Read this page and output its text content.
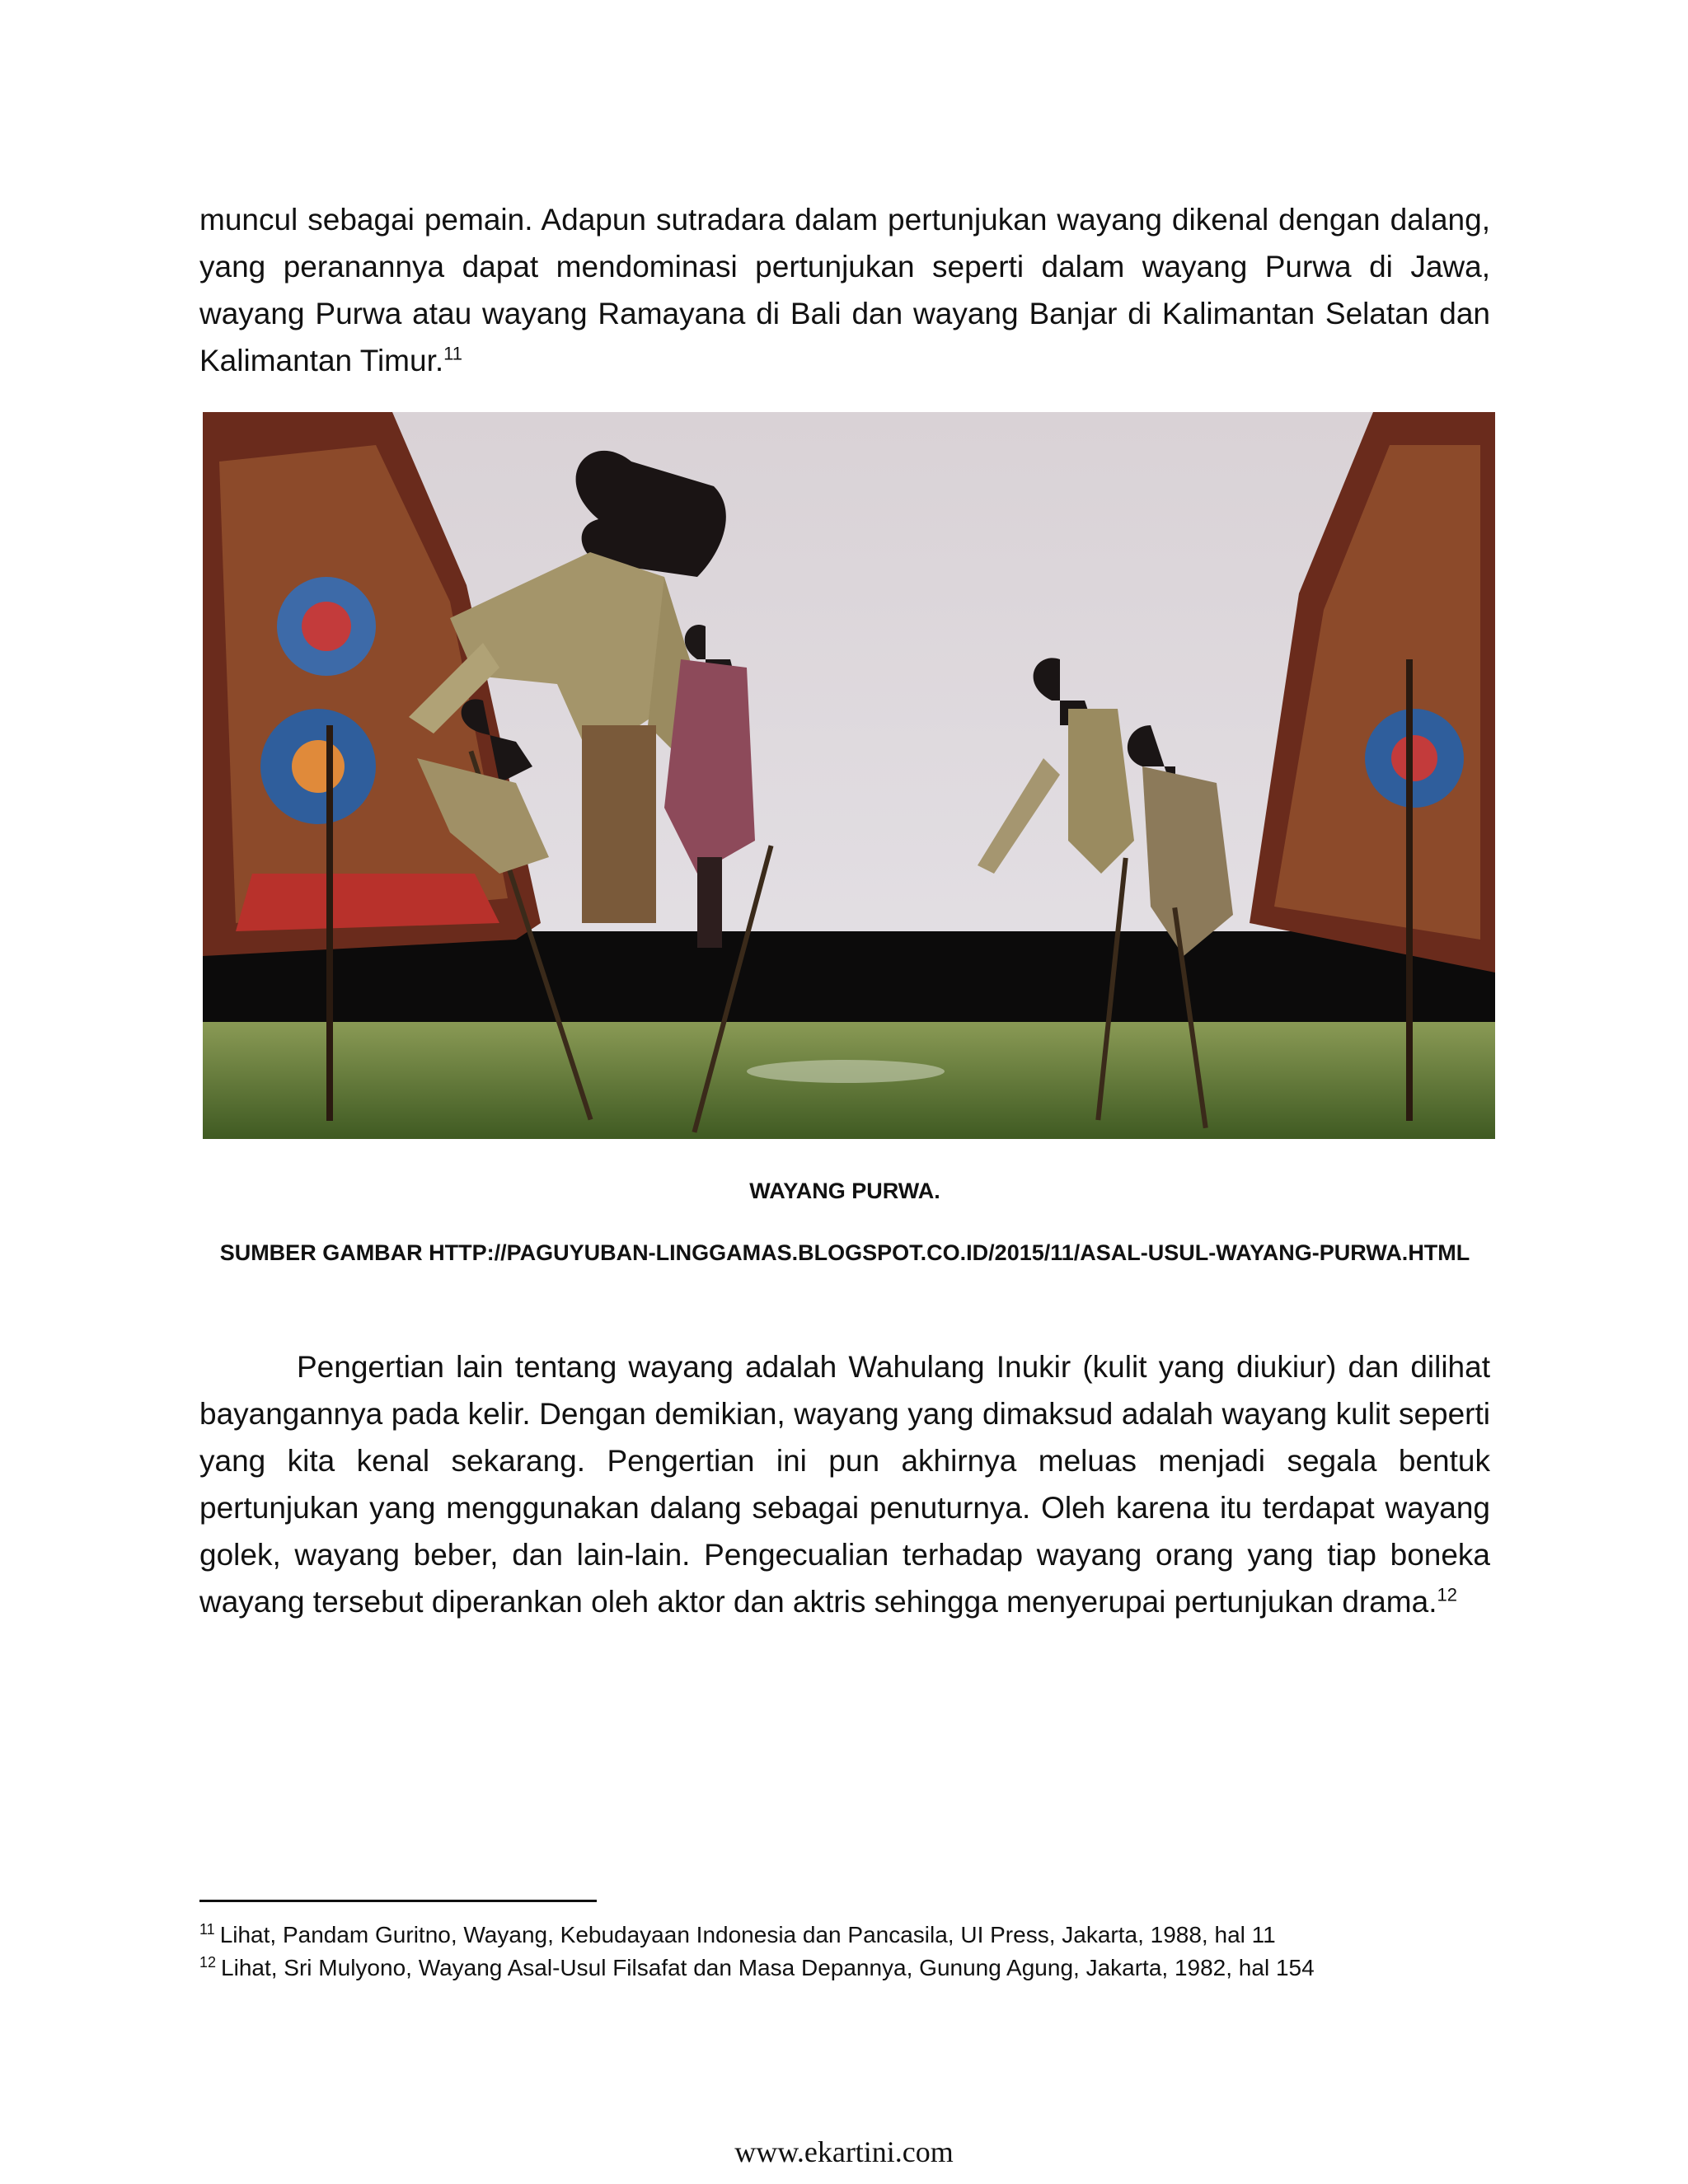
muncul sebagai pemain. Adapun sutradara dalam pertunjukan wayang dikenal dengan dalang, yang peranannya dapat mendominasi pertunjukan seperti dalam wayang Purwa di Jawa, wayang Purwa atau wayang Ramayana di Bali dan wayang Banjar di Kalimantan Selatan dan Kalimantan Timur.$^{11}$

WAYANG PURWA.

SUMBER GAMBAR HTTP://PAGUYUBAN-LINGGAMAS.BLOGSPOT.CO.ID/2015/11/ASAL-USUL-WAYANG-PURWA.HTML

Pengertian lain tentang wayang adalah Wahulang Inukir (kulit yang diukiur) dan dilihat bayangannya pada kelir. Dengan demikian, wayang yang dimaksud adalah wayang kulit seperti yang kita kenal sekarang. Pengertian ini pun akhirnya meluas menjadi segala bentuk pertunjukan yang menggunakan dalang sebagai penuturnya. Oleh karena itu terdapat wayang golek, wayang beber, dan lain-lain. Pengecualian terhadap wayang orang yang tiap boneka wayang tersebut diperankan oleh aktor dan aktris sehingga menyerupai pertunjukan drama.$^{12}$

$^{11}$ Lihat, Pandam Guritno, Wayang, Kebudayaan Indonesia dan Pancasila, UI Press, Jakarta, 1988, hal 11

$^{12}$ Lihat, Sri Mulyono, Wayang Asal-Usul Filsafat dan Masa Depannya, Gunung Agung, Jakarta, 1982, hal 154

www.ekartini.com
